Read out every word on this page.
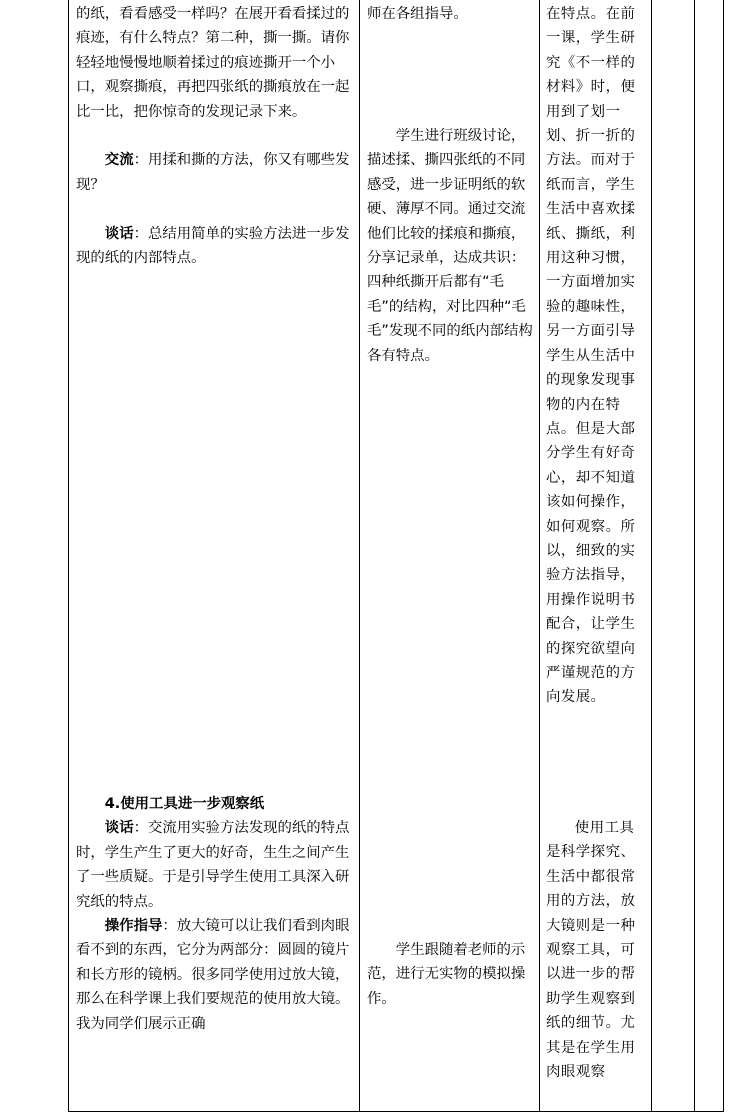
的纸，看看感受一样吗？在展开看看揉过的痕迹，有什么特点？第二种，撕一撕。请你轻轻地慢慢地顺着揉过的痕迹撕开一个小口，观察撕痕，再把四张纸的撕痕放在一起比一比，把你惊奇的发现记录下来。

交流：用揉和撕的方法，你又有哪些发现？

谈话：总结用简单的实验方法进一步发现的纸的内部特点。

4.使用工具进一步观察纸

谈话：交流用实验方法发现的纸的特点时，学生产生了更大的好奇，生生之间产生了一些质疑。于是引导学生使用工具深入研究纸的特点。

操作指导：放大镜可以让我们看到肉眼看不到的东西，它分为两部分：圆圆的镜片和长方形的镜柄。很多同学使用过放大镜，那么在科学课上我们要规范的使用放大镜。我为同学们展示正确

师在各组指导。

学生进行班级讨论，描述揉、撕四张纸的不同感受，进一步证明纸的软硬、薄厚不同。通过交流他们比较的揉痕和撕痕，分享记录单，达成共识：四种纸撕开后都有“毛毛”的结构，对比四种“毛毛”发现不同的纸内部结构各有特点。

学生跟随着老师的示范，进行无实物的模拟操作。

在特点。在前一课，学生研究《不一样的材料》时，便用到了划一划、折一折的方法。而对于纸而言，学生生活中喜欢揉纸、撕纸，利用这种习惯，一方面增加实验的趣味性，另一方面引导学生从生活中的现象发现事物的内在特点。但是大部分学生有好奇心，却不知道该如何操作，如何观察。所以，细致的实验方法指导，用操作说明书配合，让学生的探究欲望向严谨规范的方向发展。

使用工具是科学探究、生活中都很常用的方法，放大镜则是一种观察工具，可以进一步的帮助学生观察到纸的细节。尤其是在学生用肉眼观察
